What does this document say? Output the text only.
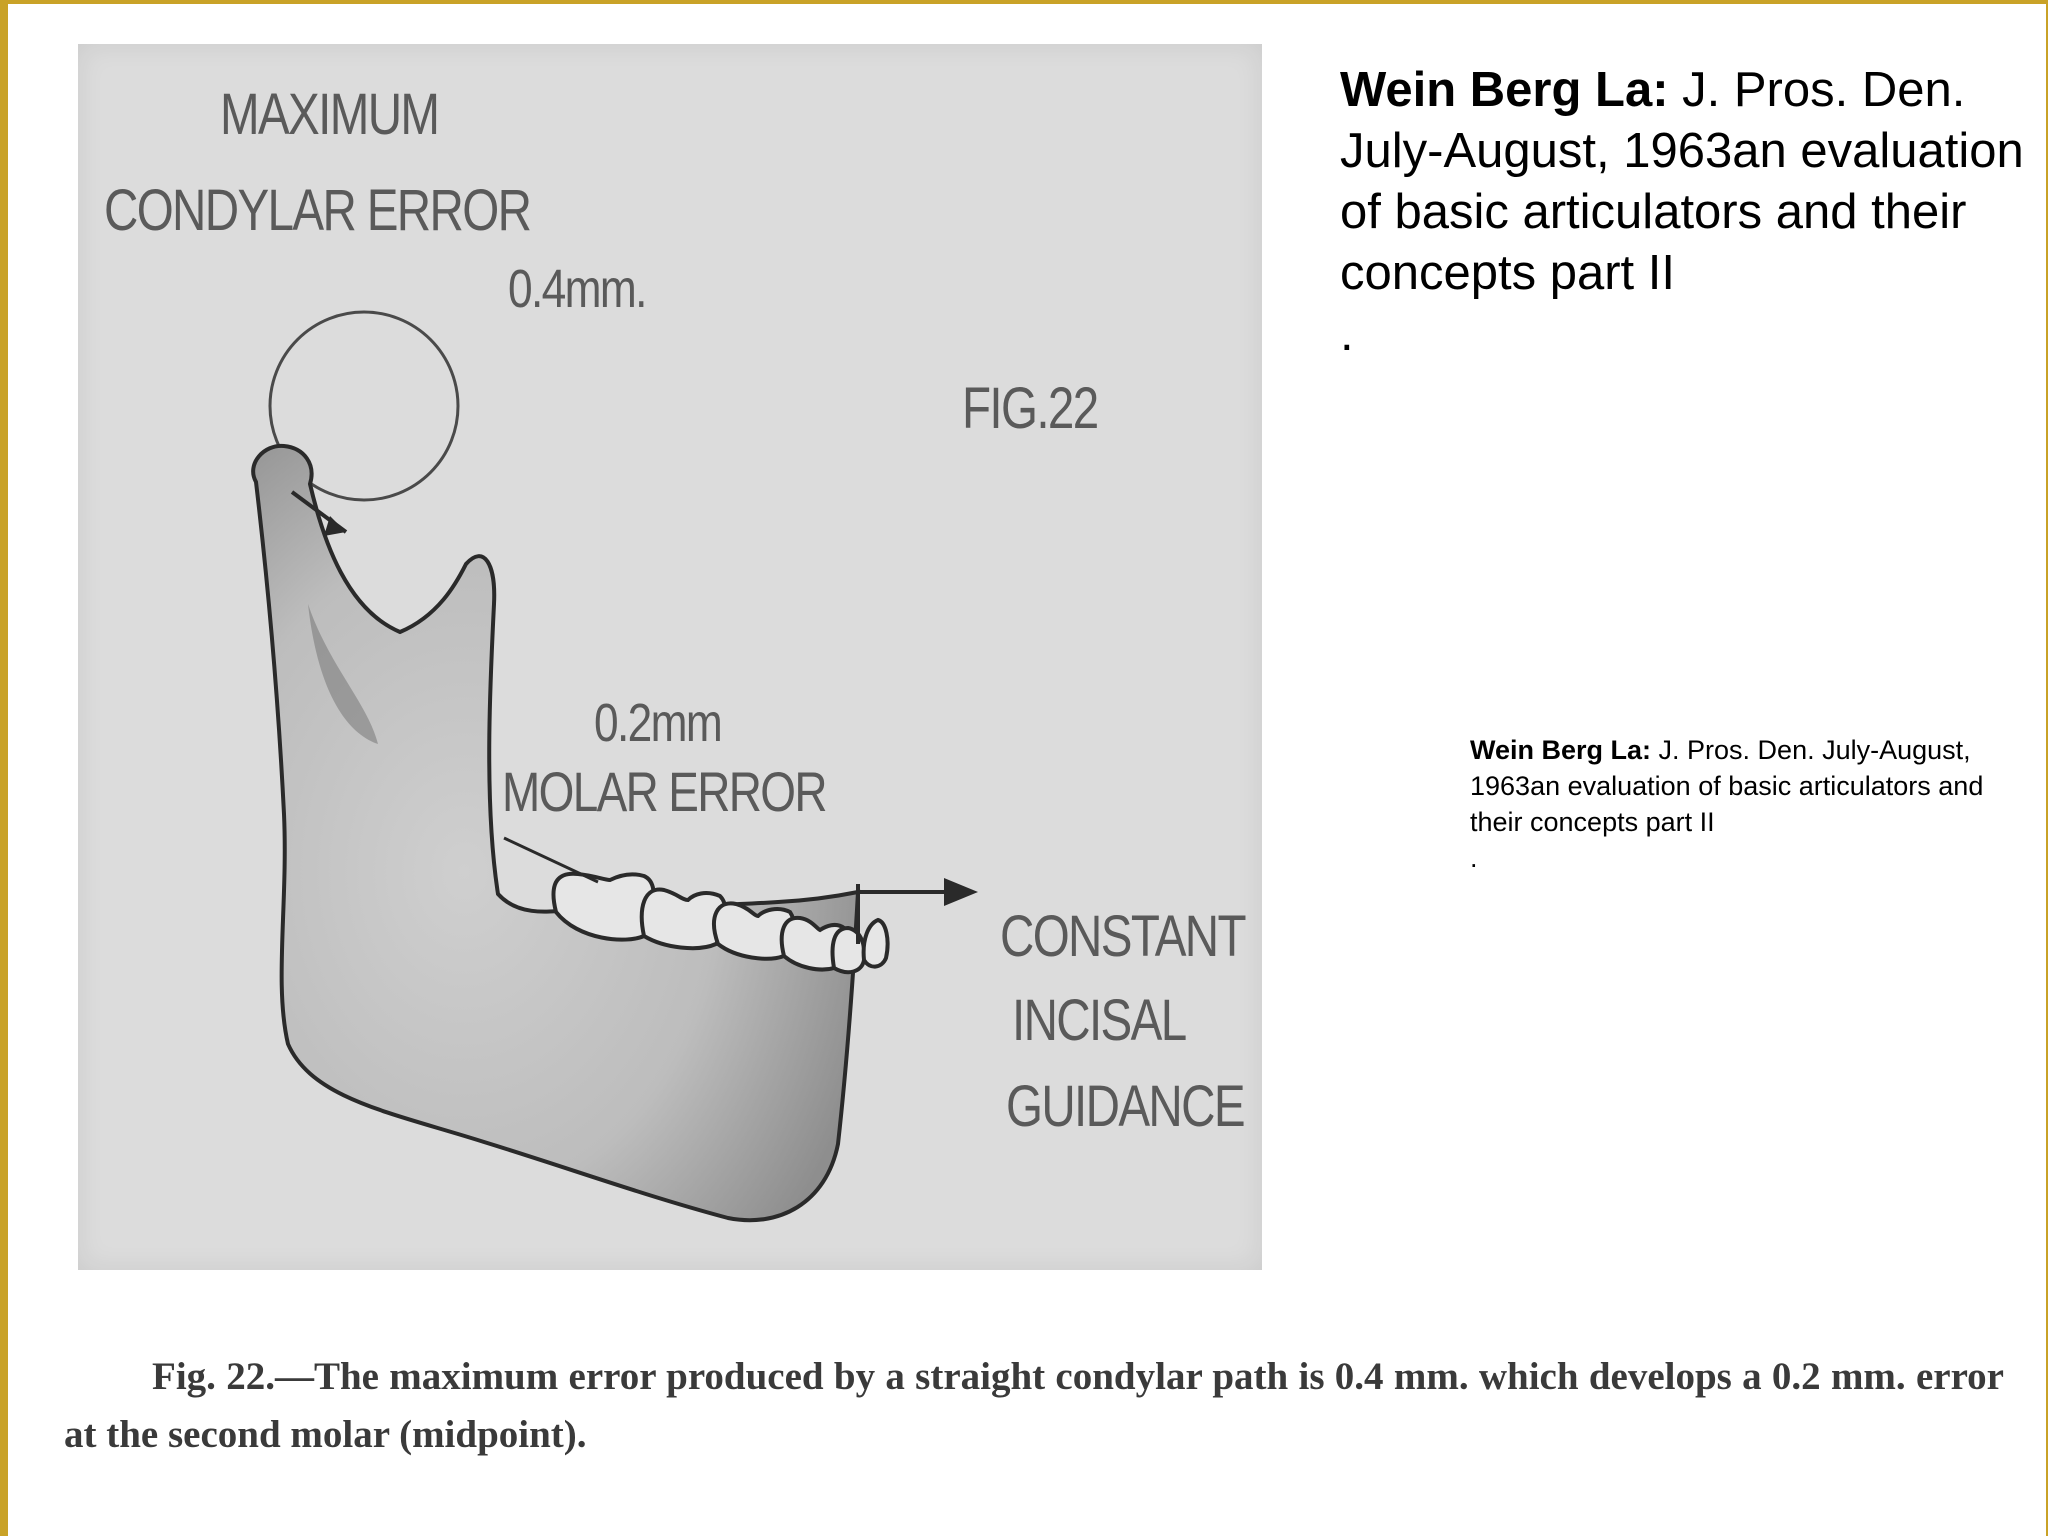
MAXIMUM
CONDYLAR ERROR
0.4mm.
FIG.22
0.2mm
MOLAR ERROR
CONSTANT
INCISAL
GUIDANCE
Wein Berg La: J. Pros. Den. July-August, 1963an evaluation of basic articulators and their concepts part II
.
Wein Berg La: J. Pros. Den. July-August, 1963an evaluation of basic articulators and their concepts part II
.
Fig. 22.—The maximum error produced by a straight condylar path is 0.4 mm. which develops a 0.2 mm. error at the second molar (midpoint).
